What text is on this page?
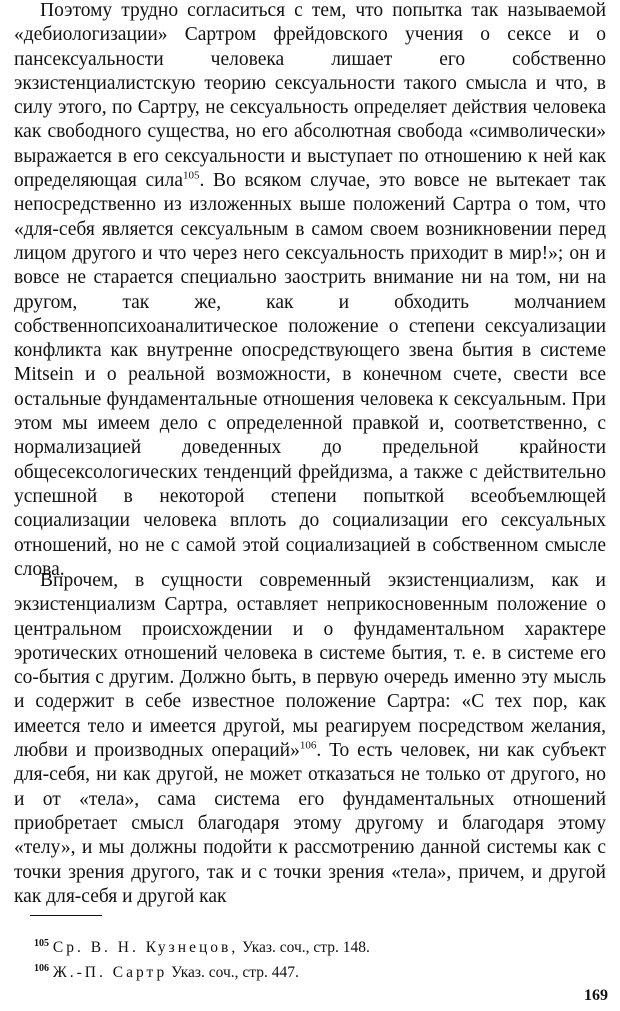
Поэтому трудно согласиться с тем, что попытка так называемой «дебиологизации» Сартром фрейдовского учения о сексе и о пансексуальности человека лишает его собственно экзистенциалистскую теорию сексуальности такого смысла и что, в силу этого, по Сартру, не сексуальность определяет действия человека как свободного существа, но его абсолютная свобода «символически» выражается в его сексуальности и выступает по отношению к ней как определяющая сила$^{105}$. Во всяком случае, это вовсе не вытекает так непосредственно из изложенных выше положений Сартра о том, что «для-себя является сексуальным в самом своем возникновении перед лицом другого и что через него сексуальность приходит в мир!»; он и вовсе не старается специально заострить внимание ни на том, ни на другом, так же, как и обходить молчанием собственнопсихоаналитическое положение о степени сексуализации конфликта как внутренне опосредствующего звена бытия в системе Mitsein и о реальной возможности, в конечном счете, свести все остальные фундаментальные отношения человека к сексуальным. При этом мы имеем дело с определенной правкой и, соответственно, с нормализацией доведенных до предельной крайности общесексологических тенденций фрейдизма, а также с действительно успешной в некоторой степени попыткой всеобъемлющей социализации человека вплоть до социализации его сексуальных отношений, но не с самой этой социализацией в собственном смысле слова.

Впрочем, в сущности современный экзистенциализм, как и экзистенциализм Сартра, оставляет неприкосновенным положение о центральном происхождении и о фундаментальном характере эротических отношений человека в системе бытия, т. е. в системе его со-бытия с другим. Должно быть, в первую очередь именно эту мысль и содержит в себе известное положение Сартра: «С тех пор, как имеется тело и имеется другой, мы реагируем посредством желания, любви и производных операций»$^{106}$. То есть человек, ни как субъект для-себя, ни как другой, не может отказаться не только от другого, но и от «тела», сама система его фундаментальных отношений приобретает смысл благодаря этому другому и благодаря этому «телу», и мы должны подойти к рассмотрению данной системы как с точки зрения другого, так и с точки зрения «тела», причем, и другой как для-себя и другой как

$^{105}$ Ср. В. Н. Кузнецов, Указ. соч., стр. 148.
$^{106}$ Ж.-П. Сартр Указ. соч., стр. 447.
169
